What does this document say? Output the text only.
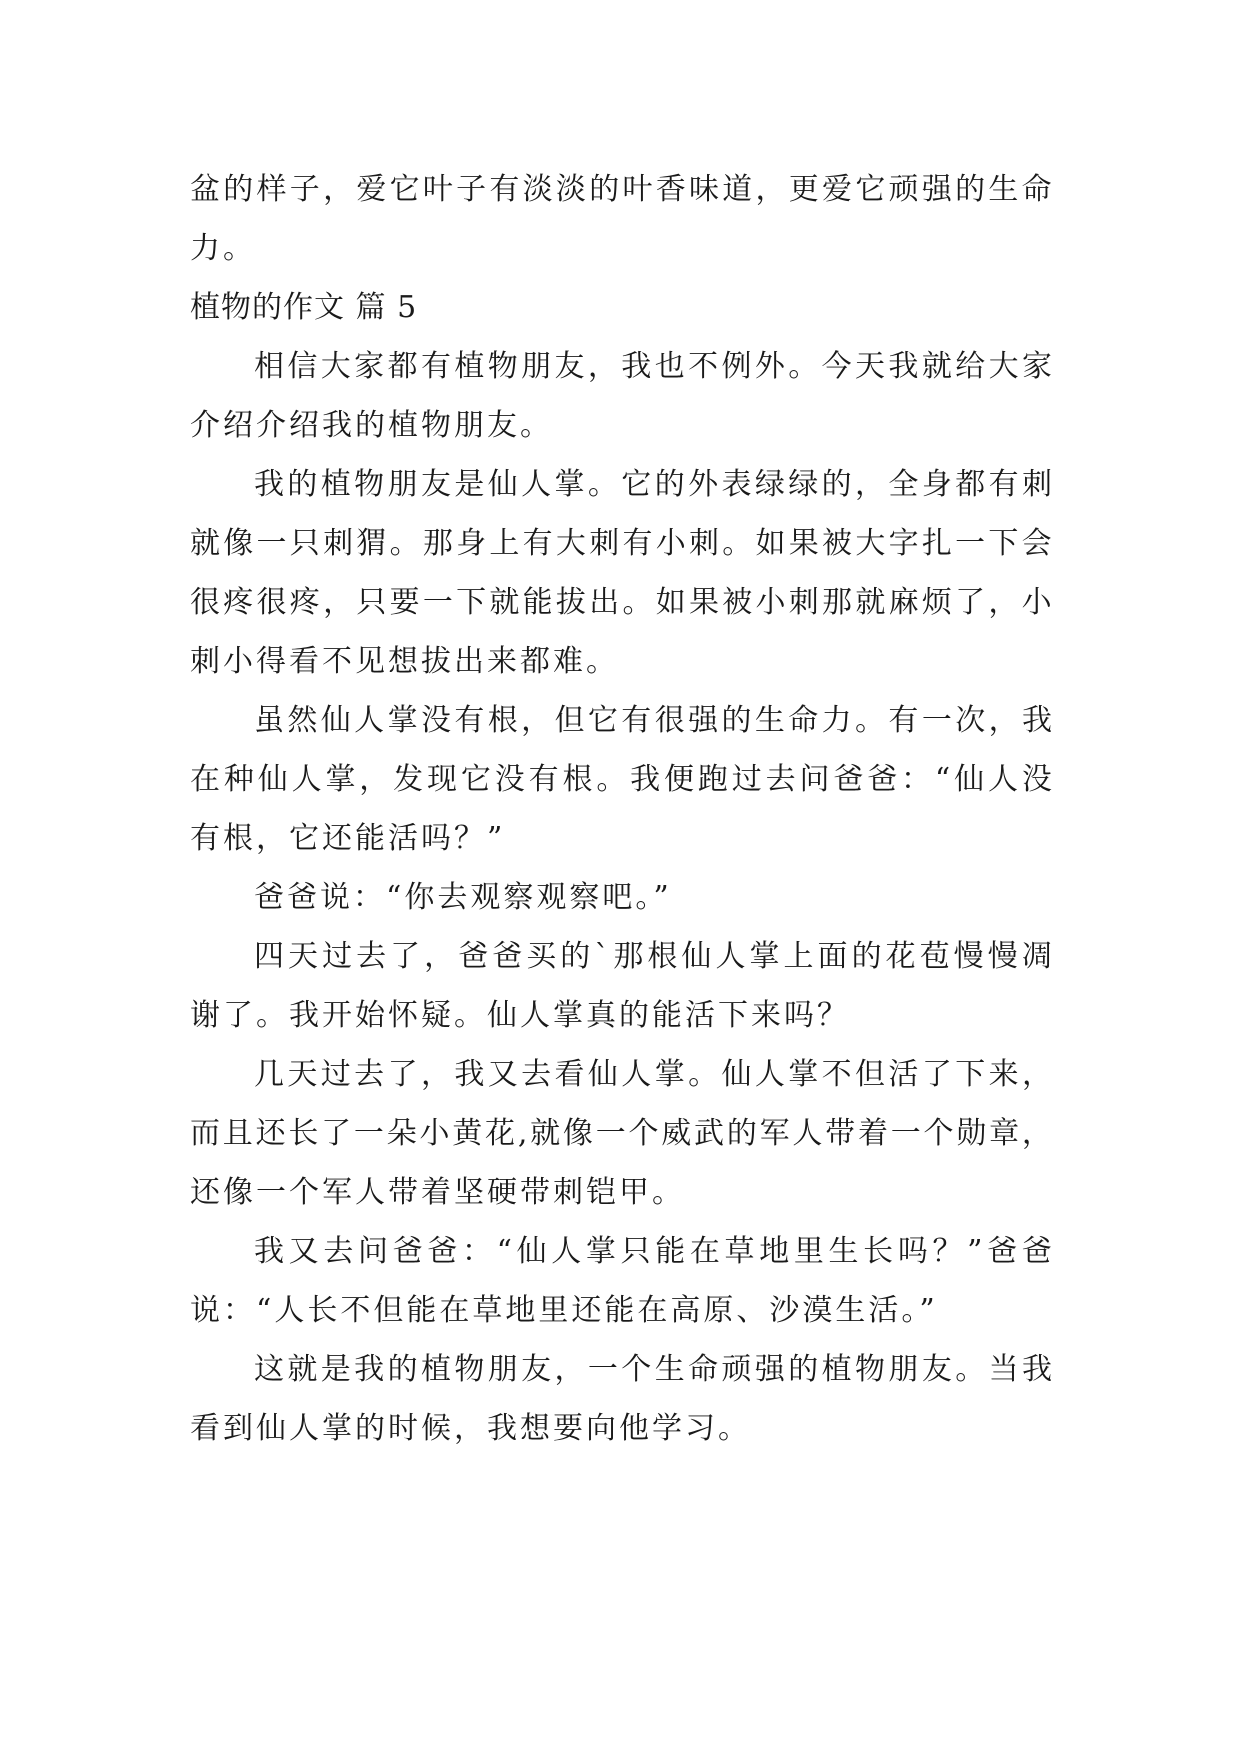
盆 的 样 子 ， 爱 它 叶 子 有 淡 淡 的 叶 香 味 道 ， 更 爱 它 顽 强 的 生 命
力。
植物的作文 篇 5
相 信 大 家 都 有 植 物 朋 友 ， 我 也 不 例 外 。 今 天 我 就 给 大 家
介绍介绍我的植物朋友。
我 的 植 物 朋 友 是 仙 人 掌 。 它 的 外 表 绿 绿 的 ， 全 身 都 有 刺
就 像 一 只 刺 猬 。 那 身 上 有 大 刺 有 小 刺 。 如 果 被 大 字 扎 一 下 会
很 疼 很 疼 ， 只 要 一 下 就 能 拔 出 。 如 果 被 小 刺 那 就 麻 烦 了 ， 小
刺小得看不见想拔出来都难。
虽 然 仙 人 掌 没 有 根 ， 但 它 有 很 强 的 生 命 力 。 有 一 次 ， 我
在 种 仙 人 掌 ， 发 现 它 没 有 根 。 我 便 跑 过 去 问 爸 爸 ： “ 仙 人 没
有根，它还能活吗？”
爸爸说：“你去观察观察吧。”
四 天 过 去 了 ， 爸 爸 买 的 ` 那 根 仙 人 掌 上 面 的 花 苞 慢 慢 凋
谢了。我开始怀疑。仙人掌真的能活下来吗？
几 天 过 去 了 ， 我 又 去 看 仙 人 掌 。 仙 人 掌 不 但 活 了 下 来 ，
而 且 还 长 了 一 朵 小 黄 花 , 就 像 一 个 威 武 的 军 人 带 着 一 个 勋 章 ，
还像一个军人带着坚硬带刺铠甲。
我 又 去 问 爸 爸 ： “ 仙 人 掌 只 能 在 草 地 里 生 长 吗 ？ ” 爸 爸
说：“人长不但能在草地里还能在高原、沙漠生活。”
这 就 是 我 的 植 物 朋 友 ， 一 个 生 命 顽 强 的 植 物 朋 友 。 当 我
看到仙人掌的时候，我想要向他学习。
